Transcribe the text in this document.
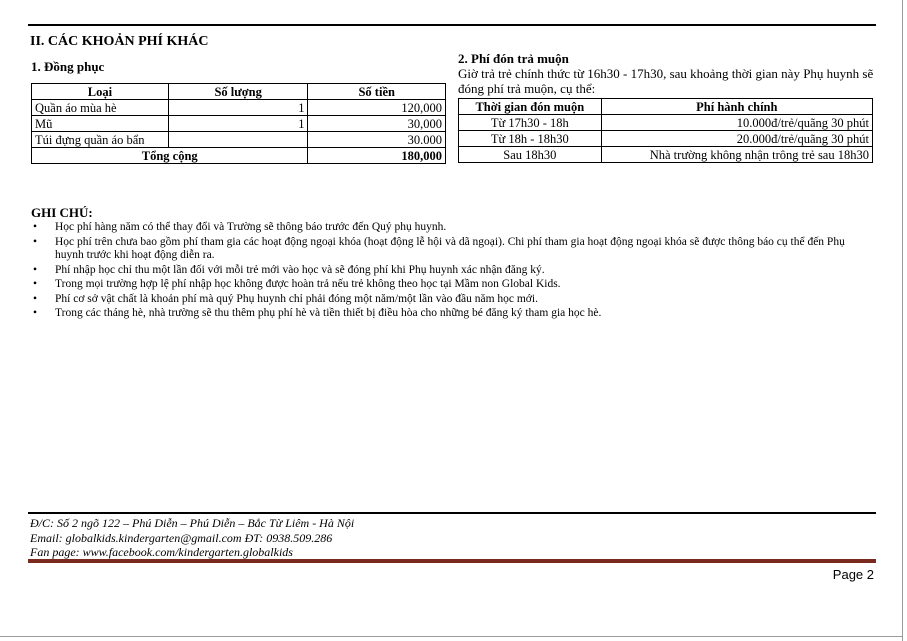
II. CÁC KHOẢN PHÍ KHÁC
1. Đồng phục
Loại	Số lượng	Số tiền
Quần áo mùa hè	1	120,000
Mũ	1	30,000
Túi đựng quần áo bẩn		30.000
Tổng cộng		180,000
2. Phí đón trả muộn
Giờ trả trẻ chính thức từ 16h30 - 17h30, sau khoảng thời gian này Phụ huynh sẽ đóng phí trả muộn, cụ thể:
Thời gian đón muộn	Phí hành chính
Từ 17h30 - 18h	10.000đ/trẻ/quãng 30 phút
Từ 18h - 18h30	20.000đ/trẻ/quãng 30 phút
Sau 18h30	Nhà trường không nhận trông trẻ sau 18h30
GHI CHÚ:
• Học phí hàng năm có thể thay đổi và Trường sẽ thông báo trước đến Quý phụ huynh.
• Học phí trên chưa bao gồm phí tham gia các hoạt động ngoại khóa (hoạt động lễ hội và dã ngoại). Chi phí tham gia hoạt động ngoại khóa sẽ được thông báo cụ thể đến Phụ huynh trước khi hoạt động diễn ra.
• Phí nhập học chỉ thu một lần đối với mỗi trẻ mới vào học và sẽ đóng phí khi Phụ huynh xác nhận đăng ký.
• Trong mọi trường hợp lệ phí nhập học không được hoàn trả nếu trẻ không theo học tại Mầm non Global Kids.
• Phí cơ sở vật chất là khoản phí mà quý Phụ huynh chỉ phải đóng một năm/một lần vào đầu năm học mới.
• Trong các tháng hè, nhà trường sẽ thu thêm phụ phí hè và tiền thiết bị điều hòa cho những bé đăng ký tham gia học hè.
Đ/C: Số 2 ngõ 122 – Phú Diễn – Phú Diễn – Bắc Từ Liêm - Hà Nội
Email: globalkids.kindergarten@gmail.com ĐT: 0938.509.286
Fan page: www.facebook.com/kindergarten.globalkids
Page 2
